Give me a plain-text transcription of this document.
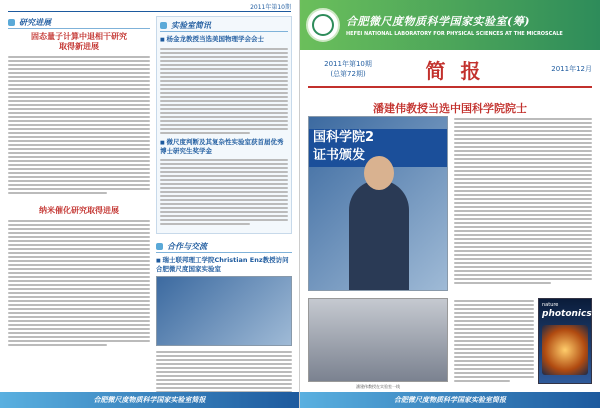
2011年第10期
研究进展
固态量子计算中退相干研究
取得新进展
纳米催化研究取得进展
实验室简讯
■ 杨金龙教授当选美国物理学会会士
■ 微尺度判断及其复杂性实验室获首届优秀博士研究生奖学金
合作与交流
■ 瑞士联邦理工学院Christian Enz教授访问合肥微尺度国家实验室
合肥微尺度物质科学国家实验室简报
合肥微尺度物质科学国家实验室(筹)
HEFEI NATIONAL LABORATORY FOR PHYSICAL SCIENCES AT THE MICROSCALE
2011年第10期
(总第72期)	简 报	2011年12月
潘建伟教授当选中国科学院院士
国科学院2
证书颁发
潘建伟教授在实验室一线
nature
photonics
合肥微尺度物质科学国家实验室简报
